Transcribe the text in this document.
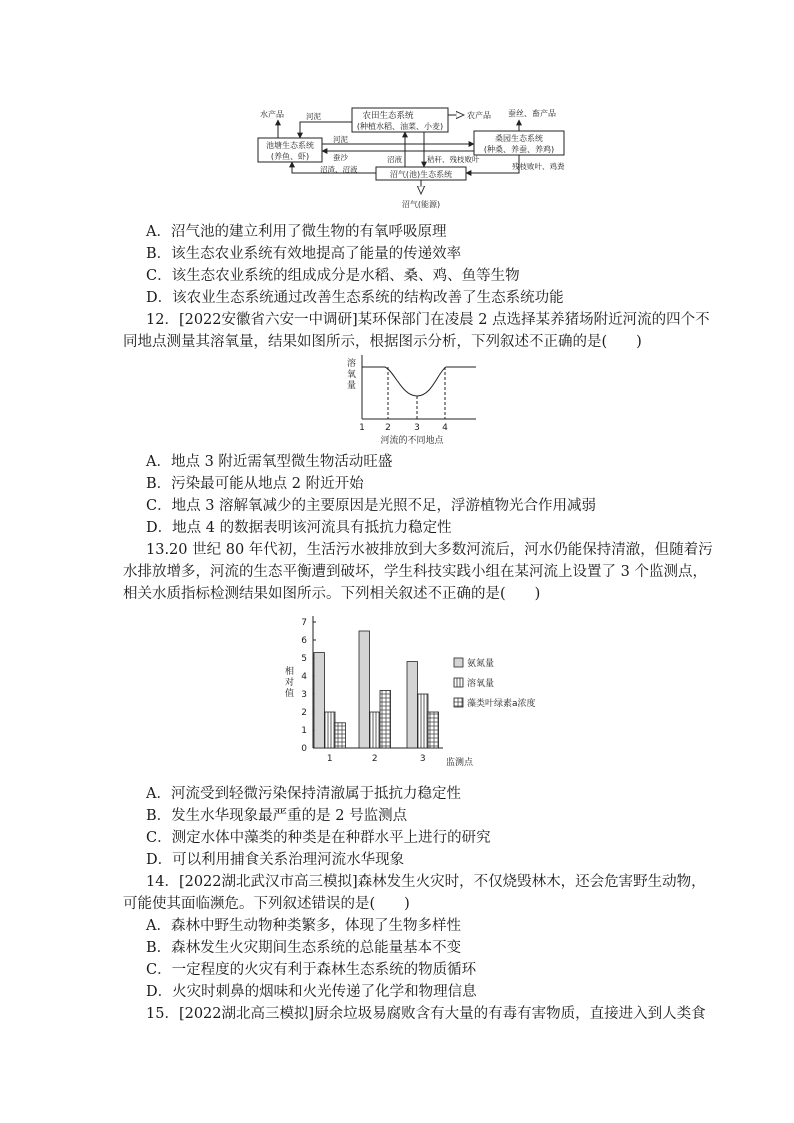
水产品	农田生态系统
(种植水稻、油菜、小麦)
农产品 蚕丝、畜产品
池塘生态系统
(养鱼、虾)
桑园生态系统
(种桑、养蚕、养鸡)
沼气(池)生态系统
沼气(能源)
河泥
河泥
蚕沙	沼液	秸秆、残枝败叶
残枝败叶、鸡粪
沼渣、沼液
A．沼气池的建立利用了微生物的有氧呼吸原理
B．该生态农业系统有效地提高了能量的传递效率
C．该生态农业系统的组成成分是水稻、桑、鸡、鱼等生物
D．该农业生态系统通过改善生态系统的结构改善了生态系统功能
12．[2022安徽省六安一中调研]某环保部门在凌晨 2 点选择某养猪场附近河流的四个不
同地点测量其溶氧量，结果如图所示，根据图示分析，下列叙述不正确的是(　　)
溶
氧
量
1 2	3 4
河流的不同地点
A．地点 3 附近需氧型微生物活动旺盛
B．污染最可能从地点 2 附近开始
C．地点 3 溶解氧减少的主要原因是光照不足，浮游植物光合作用减弱
D．地点 4 的数据表明该河流具有抵抗力稳定性
13.20 世纪 80 年代初，生活污水被排放到大多数河流后，河水仍能保持清澈，但随着污
水排放增多，河流的生态平衡遭到破坏，学生科技实践小组在某河流上设置了 3 个监测点，
相关水质指标检测结果如图所示。下列相关叙述不正确的是(　　)
0
1
2
3
4
5
6
7
1	2	3
相
对
值
监测点
氨氮量
溶氧量
藻类叶绿素a浓度
A．河流受到轻微污染保持清澈属于抵抗力稳定性
B．发生水华现象最严重的是 2 号监测点
C．测定水体中藻类的种类是在种群水平上进行的研究
D．可以利用捕食关系治理河流水华现象
14．[2022湖北武汉市高三模拟]森林发生火灾时，不仅烧毁林木，还会危害野生动物，
可能使其面临濒危。下列叙述错误的是(　　)
A．森林中野生动物种类繁多，体现了生物多样性
B．森林发生火灾期间生态系统的总能量基本不变
C．一定程度的火灾有利于森林生态系统的物质循环
D．火灾时刺鼻的烟味和火光传递了化学和物理信息
15．[2022湖北高三模拟]厨余垃圾易腐败含有大量的有毒有害物质，直接进入到人类食
